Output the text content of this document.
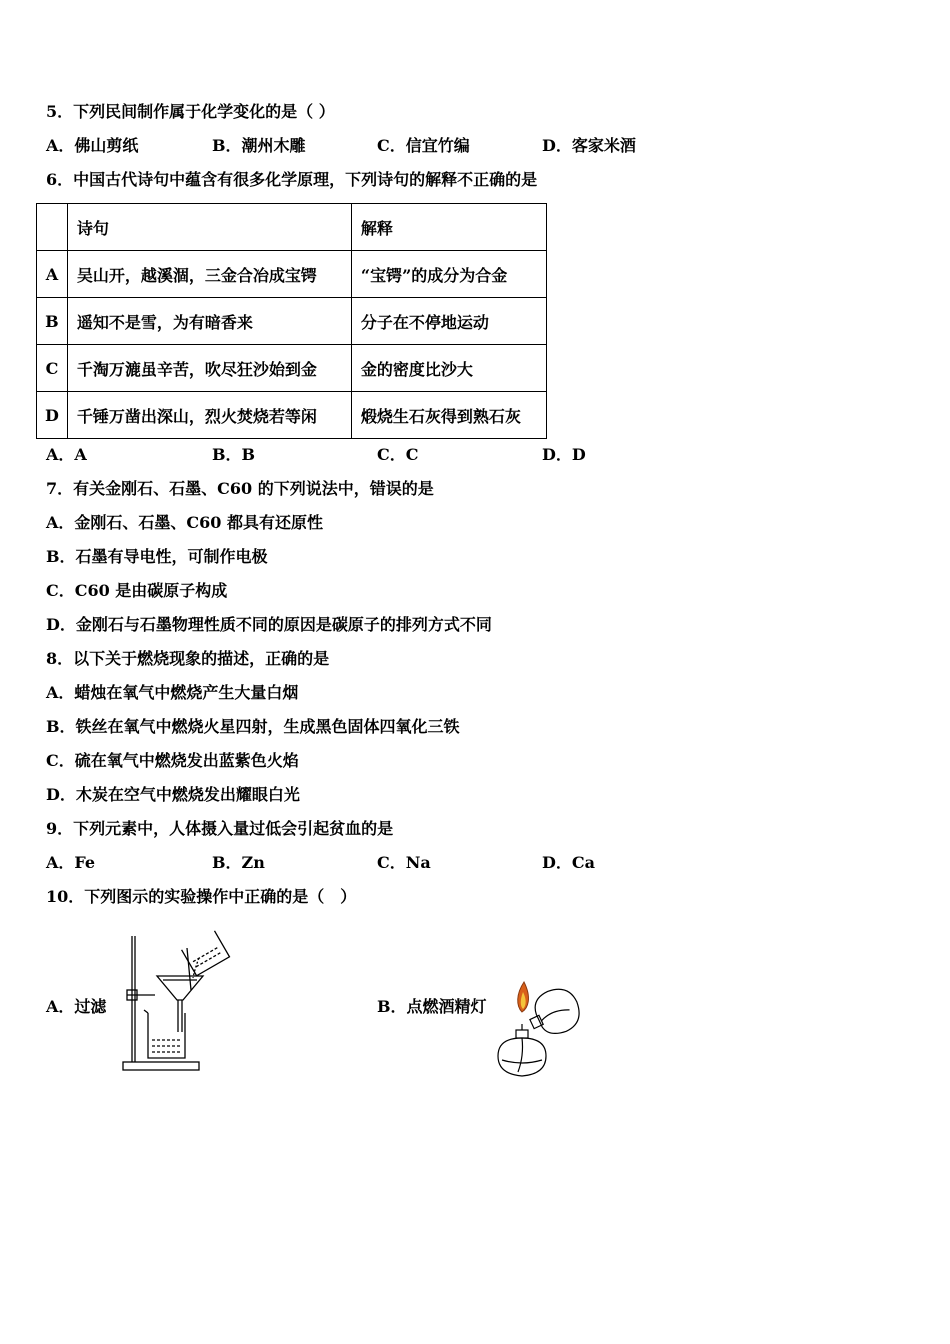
5．下列民间制作属于化学变化的是（ ）
A．佛山剪纸	B．潮州木雕	C．信宜竹编	D．客家米酒
6．中国古代诗句中蕴含有很多化学原理，下列诗句的解释不正确的是
	诗句	解释
A	吴山开，越溪涸，三金合冶成宝锷	“宝锷”的成分为合金
B	遥知不是雪，为有暗香来	分子在不停地运动
C	千淘万漉虽辛苦，吹尽狂沙始到金	金的密度比沙大
D	千锤万凿出深山，烈火焚烧若等闲	煅烧生石灰得到熟石灰
A．A	B．B	C．C	D．D
7．有关金刚石、石墨、C60 的下列说法中，错误的是
A．金刚石、石墨、C60 都具有还原性
B．石墨有导电性，可制作电极
C．C60 是由碳原子构成
D．金刚石与石墨物理性质不同的原因是碳原子的排列方式不同
8．以下关于燃烧现象的描述，正确的是
A．蜡烛在氧气中燃烧产生大量白烟
B．铁丝在氧气中燃烧火星四射，生成黑色固体四氧化三铁
C．硫在氧气中燃烧发出蓝紫色火焰
D．木炭在空气中燃烧发出耀眼白光
9．下列元素中，人体摄入量过低会引起贫血的是
A．Fe	B．Zn	C．Na	D．Ca
10．下列图示的实验操作中正确的是（　）
A．过滤	B．点燃酒精灯
